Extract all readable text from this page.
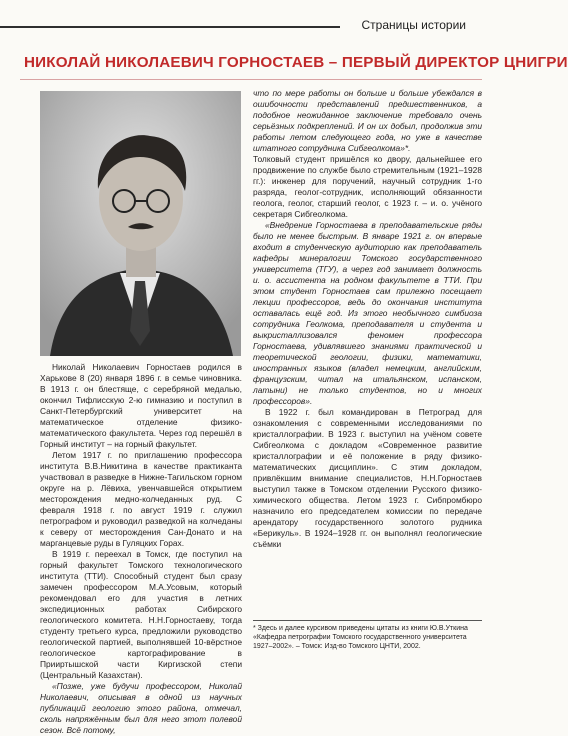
Страницы истории
НИКОЛАЙ НИКОЛАЕВИЧ ГОРНОСТАЕВ – ПЕРВЫЙ ДИРЕКТОР ЦНИГРИ

Николай Николаевич Горностаев родился в Харькове 8 (20) января 1896 г. в семье чиновника. В 1913 г. он блестяще, с серебряной медалью, окончил Тифлисскую 2-ю гимназию и поступил в Санкт-Петербургский университет на математическое отделение физико-математического факультета. Через год перешёл в Горный институт – на горный факультет.

Летом 1917 г. по приглашению профессора института В.В.Никитина в качестве практиканта участвовал в разведке в Нижне-Тагильском горном округе на р. Лёвиха, увенчавшейся открытием месторождения медно-колчеданных руд. С февраля 1918 г. по август 1919 г. служил петрографом и руководил разведкой на колчеданы к северу от месторождения Сан-Донато и на марганцевые руды в Гуляцких Горах.

В 1919 г. переехал в Томск, где поступил на горный факультет Томского технологического института (ТТИ). Способный студент был сразу замечен профессором М.А.Усовым, который рекомендовал его для участия в летних экспедиционных работах Сибирского геологического комитета. Н.Н.Горностаеву, тогда студенту третьего курса, предложили руководство геологической партией, выполнявшей 10-вёрстное геологическое картографирование в Прииртышской части Киргизской степи (Центральный Казахстан).

«Позже, уже будучи профессором, Николай Николаевич, описывая в одной из научных публикаций геологию этого района, отмечал, сколь напряжённым был для него этот полевой сезон. Всё потому,

что по мере работы он больше и больше убеждался в ошибочности представлений предшественников, а подобное неожиданное заключение требовало очень серьёзных подкреплений. И он их добыл, продолжив эти работы летом следующего года, но уже в качестве штатного сотрудника Сибгеолкома»*.

Толковый студент пришёлся ко двору, дальнейшее его продвижение по службе было стремительным (1921–1928 гг.): инженер для поручений, научный сотрудник 1-го разряда, геолог-сотрудник, исполняющий обязанности геолога, геолог, старший геолог, с 1923 г. – и. о. учёного секретаря Сибгеолкома.

«Внедрение Горностаева в преподавательские ряды было не менее быстрым. В январе 1921 г. он впервые входит в студенческую аудиторию как преподаватель кафедры минералогии Томского государственного университета (ТГУ), а через год занимает должность и. о. ассистента на родном факультете в ТТИ. При этом студент Горностаев сам прилежно посещает лекции профессоров, ведь до окончания института оставалась ещё год. Из этого необычного симбиоза сотрудника Геолкома, преподавателя и студента и выкристаллизовался феномен профессора Горностаева, удивлявшего знаниями практической и теоретической геологии, физики, математики, иностранных языков (владел немецким, английским, французским, читал на итальянском, испанском, латыни) не только студентов, но и многих профессоров».

В 1922 г. был командирован в Петроград для ознакомления с современными исследованиями по кристаллографии. В 1923 г. выступил на учёном совете Сибгеолкома с докладом «Современное развитие кристаллографии и её положение в ряду физико-математических дисциплин». С этим докладом, привлёкшим внимание специалистов, Н.Н.Горностаев выступил также в Томском отделении Русского физико-химического общества. Летом 1923 г. Сибпромбюро назначило его председателем комиссии по передаче арендатору государственного золотого рудника «Берикуль». В 1924–1928 гг. он выполнял геологические съёмки

* Здесь и далее курсивом приведены цитаты из книги Ю.В.Уткина «Кафедра петрографии Томского государственного университета 1927–2002». – Томск: Изд-во Томского ЦНТИ, 2002.
